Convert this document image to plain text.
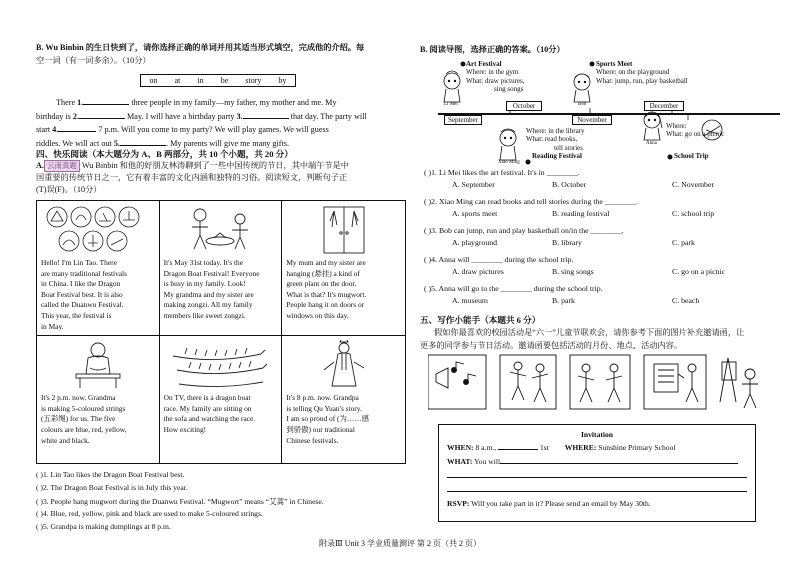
B. Wu Binbin 的生日快到了，请你选择正确的单词并用其适当形式填空，完成他的介绍。每
空一词（有一词多余）。（10分）
on at in be story by
There 1.	three people in my family—my father, my mother and me. My
birthday is 2.	May. I will have a birthday party 3.	that day. The party will
start 4.	7 p.m. Will you come to my party? We will play games. We will guess
riddles. We will act out 5.	. My parents will give me many gifts.
四、快乐阅读（本大题分为 A、B 两部分，共 10 个小题，共 20 分）
A. 云南真题 Wu Binbin 和他的好朋友林涛聊到了一些中国传统的节日，其中端午节是中
国重要的传统节日之一，它有着丰富的文化内涵和独特的习俗。阅读短文，判断句子正
(T)误(F)。（10分）
Hello! I'm Lin Tao. There
are many traditional festivals
in China. I like the Dragon
Boat Festival best. It is also
called the Duanwu Festival.
This year, the festival is
in May.
It's May 31st today. It's the
Dragon Boat Festival! Everyone
is busy in my family. Look!
My grandma and my sister are
making zongzi. All my family
members like sweet zongzi.
My mum and my sister are
hanging (悬挂) a kind of
green plant on the door.
What is that? It's mugwort.
People hang it on doors or
windows on this day.
It's 2 p.m. now. Grandma
is making 5-coloured strings
(五彩绳) for us. The five
colours are blue, red, yellow,
white and black.
On TV, there is a dragon boat
race. My family are sitting on
the sofa and watching the race.
How exciting!
It's 8 p.m. now. Grandpa
is telling Qu Yuan's story.
I am so proud of (为……感
到骄傲) our traditional
Chinese festivals.
( )1. Lin Tao likes the Dragon Boat Festival best.
( )2. The Dragon Boat Festival is in July this year.
( )3. People hang mugwort during the Duanwu Festival. “Mugwort” means “艾蒿” in Chinese.
( )4. Blue, red, yellow, pink and black are used to make 5-coloured strings.
( )5. Grandpa is making dumplings at 8 p.m.
B. 阅读导图，选择正确的答案。（10分）
Art Festival
Where: in the gym
What: draw pictures,
sing songs
Sports Meet
Where: on the playground
What: jump, run, play basketball
Where: in the library
What: read books,
tell stories
Reading Festival
Where:
What: go on a picnic
School Trip
September
October
November
December
Li Mei
Xiao Ming
Bob
Anna
( )1. Li Mei likes the art festival. It's in ________.
A. September	B. October	C. November
( )2. Xiao Ming can read books and tell stories during the ________.
A. sports meet	B. reading festival	C. school trip
( )3. Bob can jump, run and play basketball on/in the ________.
A. playground	B. library	C. park
( )4. Anna will ________ during the school trip.
A. draw pictures	B. sing songs	C. go on a picnic
( )5. Anna will go to the ________ during the school trip.
A. museum	B. park	C. beach
五、写作小能手（本题共 6 分）
假如你最喜欢的校园活动是“六一”儿童节联欢会，请你参考下面的图片补充邀请函，让
更多的同学参与节日活动。邀请函要包括活动的月份、地点、活动内容。
Invitation
WHEN: 8 a.m.,	1st WHERE: Sunshine Primary School
WHAT: You will
RSVP: Will you take part in it? Please send an email by May 30th.
附录Ⅲ Unit 3 学业质量测评 第 2 页（共 2 页）
